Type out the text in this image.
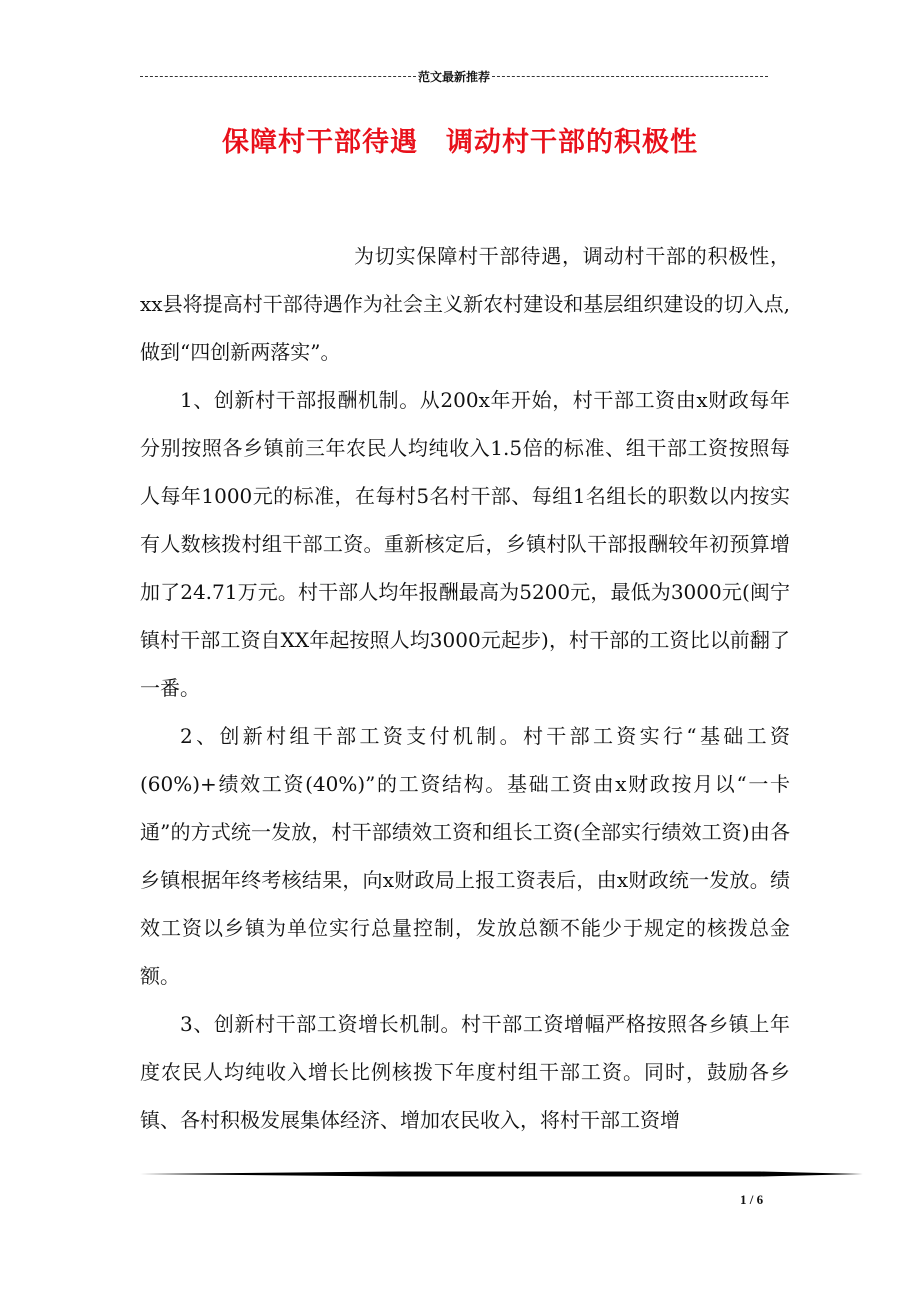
范文最新推荐
保障村干部待遇　调动村干部的积极性

为切实保障村干部待遇，调动村干部的积极性，xx县将提高村干部待遇作为社会主义新农村建设和基层组织建设的切入点,做到“四创新两落实”。

1、创新村干部报酬机制。从200x年开始，村干部工资由x财政每年分别按照各乡镇前三年农民人均纯收入1.5倍的标准、组干部工资按照每人每年1000元的标准，在每村5名村干部、每组1名组长的职数以内按实有人数核拨村组干部工资。重新核定后，乡镇村队干部报酬较年初预算增加了24.71万元。村干部人均年报酬最高为5200元，最低为3000元(闽宁镇村干部工资自XX年起按照人均3000元起步)，村干部的工资比以前翻了一番。

2、创新村组干部工资支付机制。村干部工资实行“基础工资(60%)+绩效工资(40%)”的工资结构。基础工资由x财政按月以“一卡通”的方式统一发放，村干部绩效工资和组长工资(全部实行绩效工资)由各乡镇根据年终考核结果，向x财政局上报工资表后，由x财政统一发放。绩效工资以乡镇为单位实行总量控制，发放总额不能少于规定的核拨总金额。

3、创新村干部工资增长机制。村干部工资增幅严格按照各乡镇上年度农民人均纯收入增长比例核拨下年度村组干部工资。同时，鼓励各乡镇、各村积极发展集体经济、增加农民收入，将村干部工资增

1 / 6
